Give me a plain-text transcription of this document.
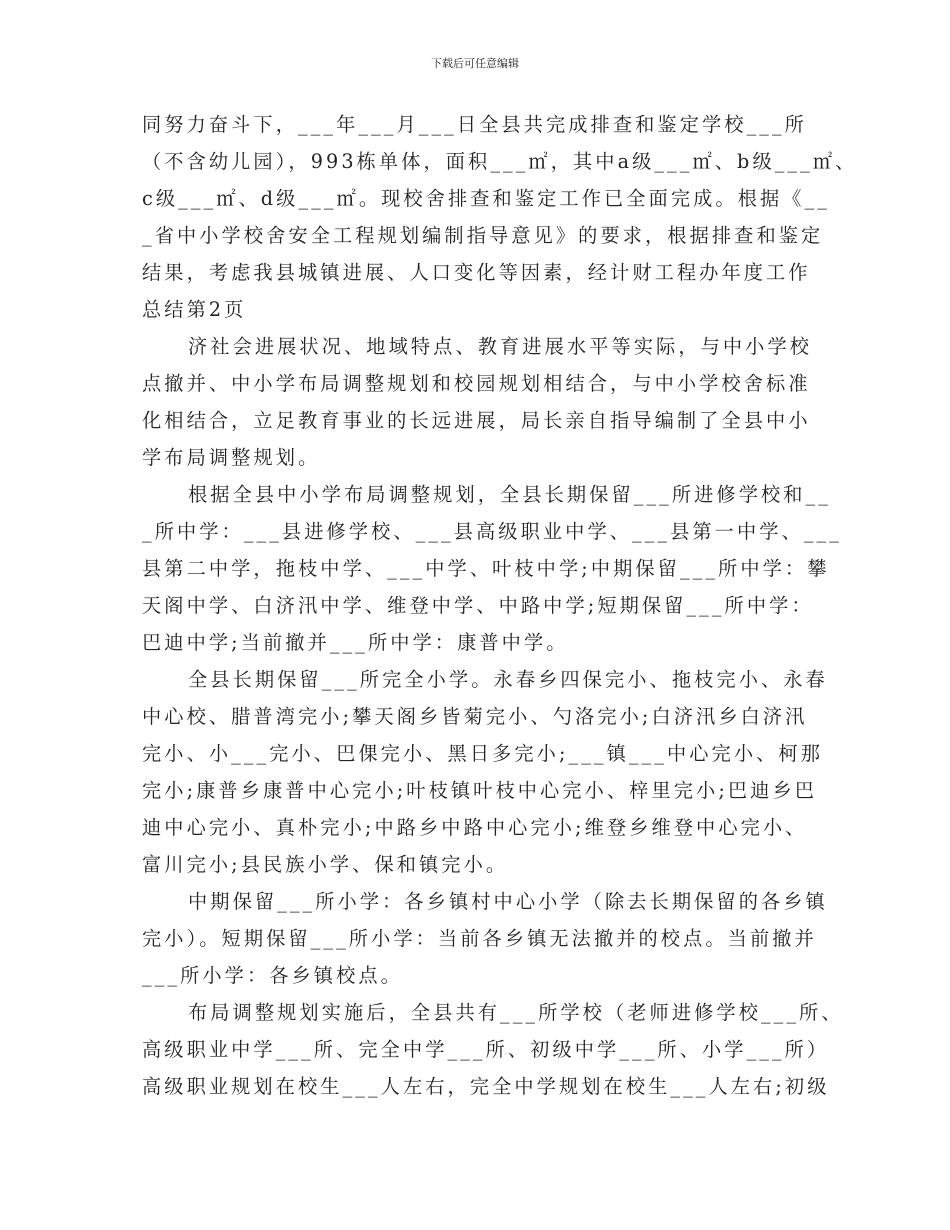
下载后可任意编辑
同努力奋斗下，___年___月___日全县共完成排查和鉴定学校___所
（不含幼儿园），993栋单体，面积___㎡，其中a级___㎡、b级___㎡、
c级___㎡、d级___㎡。现校舍排查和鉴定工作已全面完成。根据《__
_省中小学校舍安全工程规划编制指导意见》的要求，根据排查和鉴定
结果，考虑我县城镇进展、人口变化等因素，经计财工程办年度工作
总结第2页
济社会进展状况、地域特点、教育进展水平等实际，与中小学校
点撤并、中小学布局调整规划和校园规划相结合，与中小学校舍标准
化相结合，立足教育事业的长远进展，局长亲自指导编制了全县中小
学布局调整规划。
根据全县中小学布局调整规划，全县长期保留___所进修学校和__
_所中学：___县进修学校、___县高级职业中学、___县第一中学、___
县第二中学，拖枝中学、___中学、叶枝中学;中期保留___所中学：攀
天阁中学、白济汛中学、维登中学、中路中学;短期保留___所中学：
巴迪中学;当前撤并___所中学：康普中学。
全县长期保留___所完全小学。永春乡四保完小、拖枝完小、永春
中心校、腊普湾完小;攀天阁乡皆菊完小、勺洛完小;白济汛乡白济汛
完小、小___完小、巴倮完小、黑日多完小;___镇___中心完小、柯那
完小;康普乡康普中心完小;叶枝镇叶枝中心完小、梓里完小;巴迪乡巴
迪中心完小、真朴完小;中路乡中路中心完小;维登乡维登中心完小、
富川完小;县民族小学、保和镇完小。
中期保留___所小学：各乡镇村中心小学（除去长期保留的各乡镇
完小）。短期保留___所小学：当前各乡镇无法撤并的校点。当前撤并
___所小学：各乡镇校点。
布局调整规划实施后，全县共有___所学校（老师进修学校___所、
高级职业中学___所、完全中学___所、初级中学___所、小学___所）
高级职业规划在校生___人左右，完全中学规划在校生___人左右;初级
